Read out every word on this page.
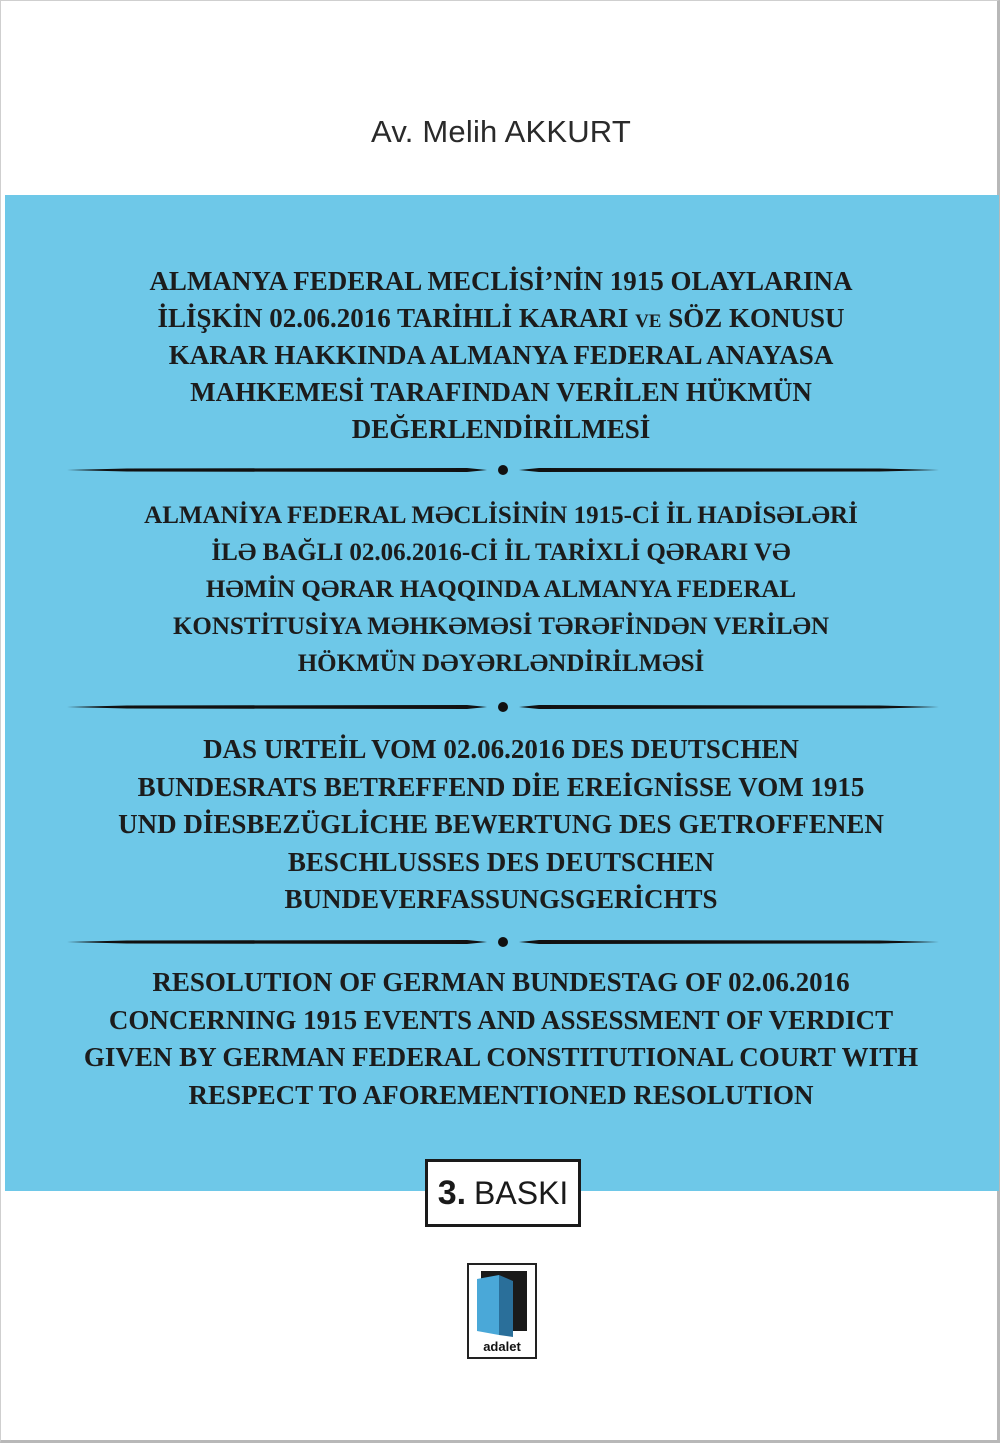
Av. Melih AKKURT
ALMANYA FEDERAL MECLİSİ’NİN 1915 OLAYLARINA
İLİŞKİN 02.06.2016 TARİHLİ KARARI ve SÖZ KONUSU
KARAR HAKKINDA ALMANYA FEDERAL ANAYASA
MAHKEMESİ TARAFINDAN VERİLEN HÜKMÜN
DEĞERLENDİRİLMESİ
ALMANİYA FEDERAL MƏCLİSİNİN 1915-Cİ İL HADİSƏLƏRİ
İLƏ BAĞLI 02.06.2016-Cİ İL TARİXLİ QƏRARI VƏ
HƏMİN QƏRAR HAQQINDA ALMANYA FEDERAL
KONSTİTUSİYA MƏHKƏMƏSİ TƏRƏFİNDƏN VERİLƏN
HÖKMÜN DƏYƏRLƏNDİRİLMƏSİ
DAS URTEİL VOM 02.06.2016 DES DEUTSCHEN
BUNDESRATS BETREFFEND DİE EREİGNİSSE VOM 1915
UND DİESBEZÜGLİCHE BEWERTUNG DES GETROFFENEN
BESCHLUSSES DES DEUTSCHEN
BUNDEVERFASSUNGSGERİCHTS
RESOLUTION OF GERMAN BUNDESTAG OF 02.06.2016
CONCERNING 1915 EVENTS AND ASSESSMENT OF VERDICT
GIVEN BY GERMAN FEDERAL CONSTITUTIONAL COURT WITH
RESPECT TO AFOREMENTIONED RESOLUTION
3. BASKI
adalet
